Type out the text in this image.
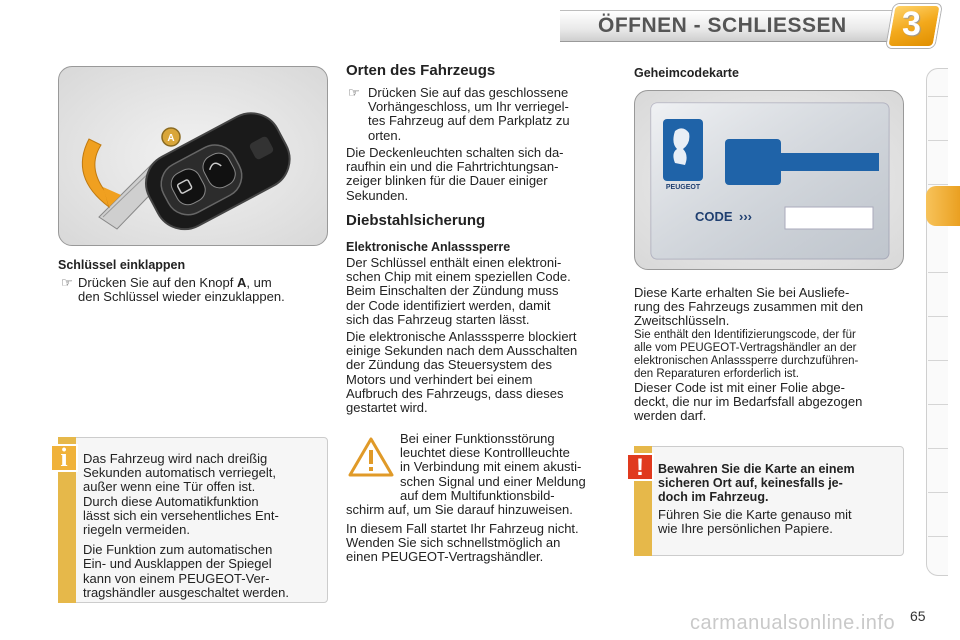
ÖFFNEN - SCHLIESSEN 3
A
Schlüssel einklappen
☞ Drücken Sie auf den Knopf A, um
den Schlüssel wieder einzuklappen.
i	Das Fahrzeug wird nach dreißig
Sekunden automatisch verriegelt,
außer wenn eine Tür offen ist.
Durch diese Automatikfunktion
lässt sich ein versehentliches Ent-
riegeln vermeiden.
Die Funktion zum automatischen
Ein- und Ausklappen der Spiegel
kann von einem PEUGEOT-Ver-
tragshändler ausgeschaltet werden.
Orten des Fahrzeugs
☞ Drücken Sie auf das geschlossene
Vorhängeschloss, um Ihr verriegel-
tes Fahrzeug auf dem Parkplatz zu
orten.
Die Deckenleuchten schalten sich da-
raufhin ein und die Fahrtrichtungsan-
zeiger blinken für die Dauer einiger
Sekunden.
Diebstahlsicherung
Elektronische Anlasssperre
Der Schlüssel enthält einen elektroni-
schen Chip mit einem speziellen Code.
Beim Einschalten der Zündung muss
der Code identifiziert werden, damit
sich das Fahrzeug starten lässt.
Die elektronische Anlasssperre blockiert
einige Sekunden nach dem Ausschalten
der Zündung das Steuersystem des
Motors und verhindert bei einem
Aufbruch des Fahrzeugs, dass dieses
gestartet wird.
Bei einer Funktionsstörung
leuchtet diese Kontrollleuchte
in Verbindung mit einem akusti-
schen Signal und einer Meldung
auf dem Multifunktionsbild-
schirm auf, um Sie darauf hinzuweisen.
In diesem Fall startet Ihr Fahrzeug nicht.
Wenden Sie sich schnellstmöglich an
einen PEUGEOT-Vertragshändler.
Geheimcodekarte
PEUGEOT
CODE ›››
Diese Karte erhalten Sie bei Ausliefe-
rung des Fahrzeugs zusammen mit den
Zweitschlüsseln.
Sie enthält den Identifizierungscode, der für
alle vom PEUGEOT-Vertragshändler an der
elektronischen Anlasssperre durchzuführen-
den Reparaturen erforderlich ist.
Dieser Code ist mit einer Folie abge-
deckt, die nur im Bedarfsfall abgezogen
werden darf.
!	Bewahren Sie die Karte an einem
sicheren Ort auf, keinesfalls je-
doch im Fahrzeug.
Führen Sie die Karte genauso mit
wie Ihre persönlichen Papiere.
carmanualsonline.info 65
